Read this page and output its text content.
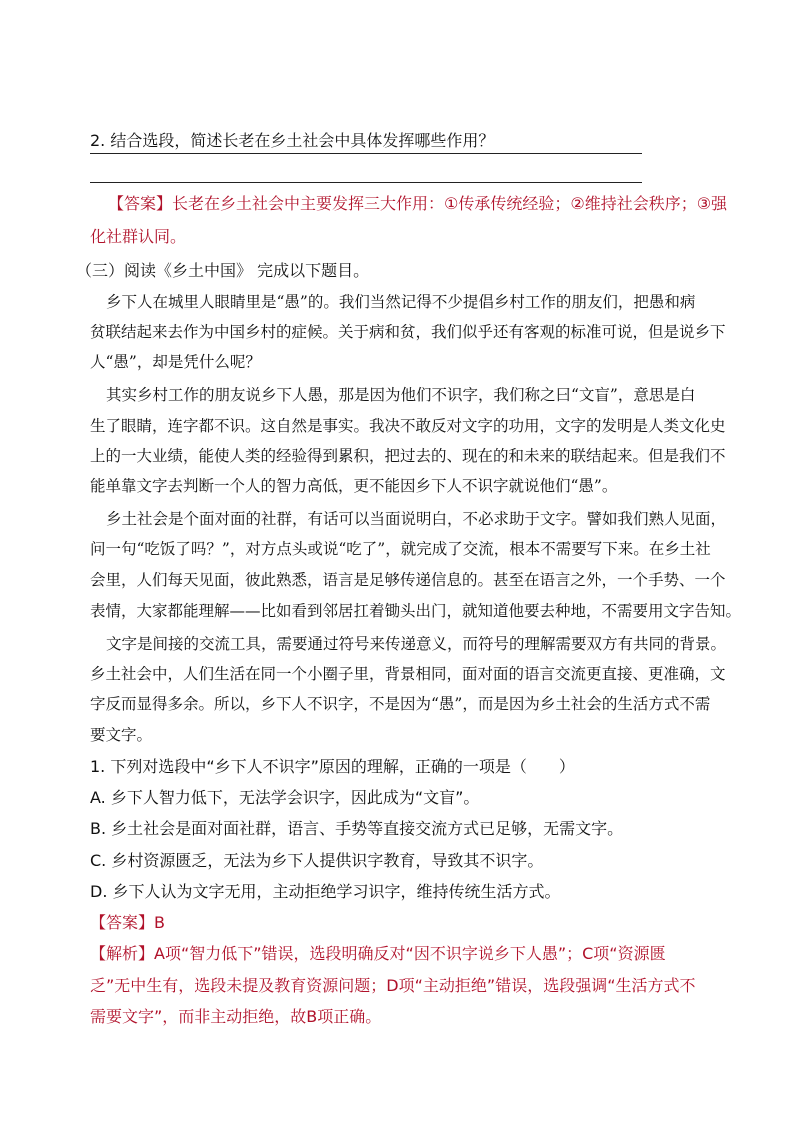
2. 结合选段，简述长老在乡土社会中具体发挥哪些作用？
【答案】长老在乡土社会中主要发挥三大作用：①传承传统经验；②维持社会秩序；③强
化社群认同。
（三）阅读《乡土中国》 完成以下题目。
乡下人在城里人眼睛里是“愚”的。我们当然记得不少提倡乡村工作的朋友们，把愚和病
贫联结起来去作为中国乡村的症候。关于病和贫，我们似乎还有客观的标准可说，但是说乡下
人“愚”，却是凭什么呢？
其实乡村工作的朋友说乡下人愚，那是因为他们不识字，我们称之曰“文盲”，意思是白
生了眼睛，连字都不识。这自然是事实。我决不敢反对文字的功用，文字的发明是人类文化史
上的一大业绩，能使人类的经验得到累积，把过去的、现在的和未来的联结起来。但是我们不
能单靠文字去判断一个人的智力高低，更不能因乡下人不识字就说他们“愚”。
乡土社会是个面对面的社群，有话可以当面说明白，不必求助于文字。譬如我们熟人见面，
问一句“吃饭了吗？”，对方点头或说“吃了”，就完成了交流，根本不需要写下来。在乡土社
会里，人们每天见面，彼此熟悉，语言是足够传递信息的。甚至在语言之外，一个手势、一个
表情，大家都能理解——比如看到邻居扛着锄头出门，就知道他要去种地，不需要用文字告知。
文字是间接的交流工具，需要通过符号来传递意义，而符号的理解需要双方有共同的背景。
乡土社会中，人们生活在同一个小圈子里，背景相同，面对面的语言交流更直接、更准确，文
字反而显得多余。所以，乡下人不识字，不是因为“愚”，而是因为乡土社会的生活方式不需
要文字。
1. 下列对选段中“乡下人不识字”原因的理解，正确的一项是（　　）
A. 乡下人智力低下，无法学会识字，因此成为“文盲”。
B. 乡土社会是面对面社群，语言、手势等直接交流方式已足够，无需文字。
C. 乡村资源匮乏，无法为乡下人提供识字教育，导致其不识字。
D. 乡下人认为文字无用，主动拒绝学习识字，维持传统生活方式。
【答案】B
【解析】A项“智力低下”错误，选段明确反对“因不识字说乡下人愚”；C项“资源匮
乏”无中生有，选段未提及教育资源问题；D项“主动拒绝”错误，选段强调“生活方式不
需要文字”，而非主动拒绝，故B项正确。
